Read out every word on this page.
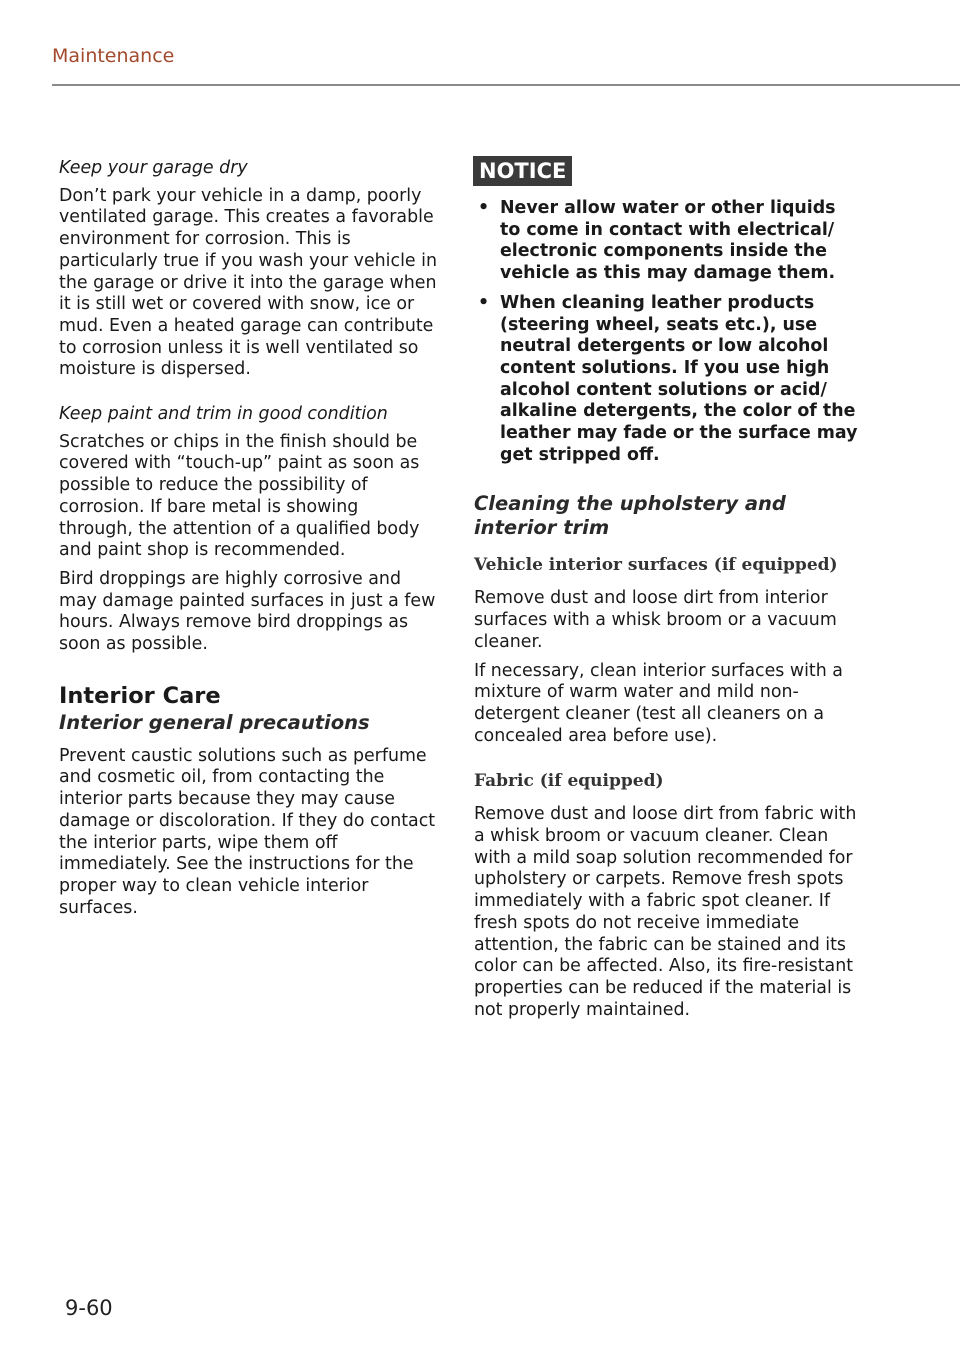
Maintenance

Keep your garage dry

Don’t park your vehicle in a damp, poorly ventilated garage. This creates a favorable environment for corrosion. This is particularly true if you wash your vehicle in the garage or drive it into the garage when it is still wet or covered with snow, ice or mud. Even a heated garage can contribute to corrosion unless it is well ventilated so moisture is dispersed.

Keep paint and trim in good condition

Scratches or chips in the finish should be covered with “touch-up” paint as soon as possible to reduce the possibility of corrosion. If bare metal is showing through, the attention of a qualified body and paint shop is recommended.

Bird droppings are highly corrosive and may damage painted surfaces in just a few hours. Always remove bird droppings as soon as possible.

Interior Care
Interior general precautions

Prevent caustic solutions such as perfume and cosmetic oil, from contacting the interior parts because they may cause damage or discoloration. If they do contact the interior parts, wipe them off immediately. See the instructions for the proper way to clean vehicle interior surfaces.

NOTICE
• Never allow water or other liquids to come in contact with electrical/ electronic components inside the vehicle as this may damage them.
• When cleaning leather products (steering wheel, seats etc.), use neutral detergents or low alcohol content solutions. If you use high alcohol content solutions or acid/ alkaline detergents, the color of the leather may fade or the surface may get stripped off.
Cleaning the upholstery and interior trim
Vehicle interior surfaces (if equipped)

Remove dust and loose dirt from interior surfaces with a whisk broom or a vacuum cleaner.

If necessary, clean interior surfaces with a mixture of warm water and mild non-detergent cleaner (test all cleaners on a concealed area before use).

Fabric (if equipped)

Remove dust and loose dirt from fabric with a whisk broom or vacuum cleaner. Clean with a mild soap solution recommended for upholstery or carpets. Remove fresh spots immediately with a fabric spot cleaner. If fresh spots do not receive immediate attention, the fabric can be stained and its color can be affected. Also, its fire-resistant properties can be reduced if the material is not properly maintained.

9-60
